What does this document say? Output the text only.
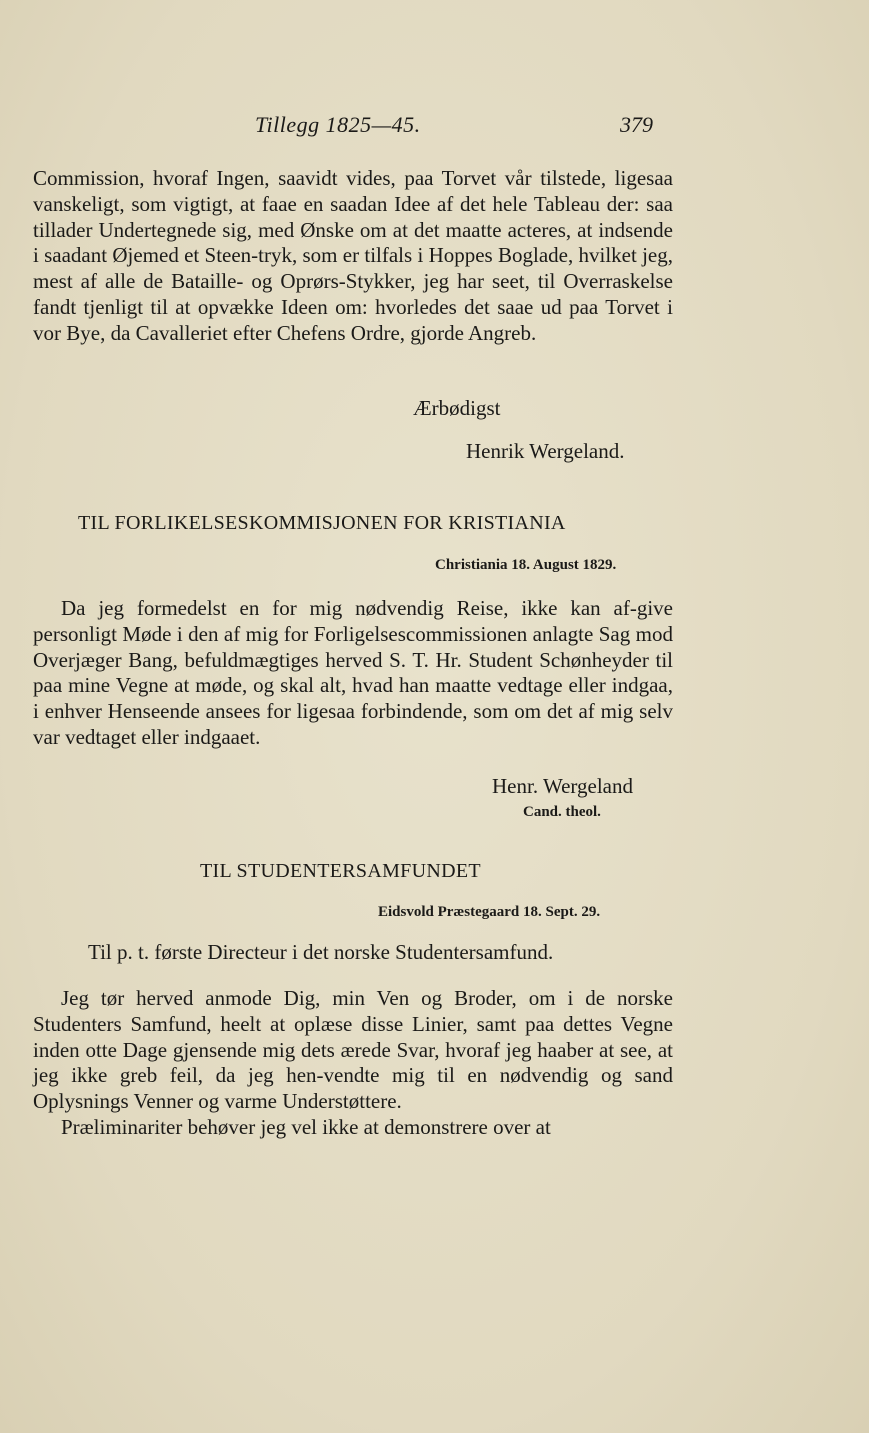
Tillegg 1825—45.	379

Commission, hvoraf Ingen, saavidt vides, paa Torvet vår tilstede, ligesaa vanskeligt, som vigtigt, at faae en saadan Idee af det hele Tableau der: saa tillader Undertegnede sig, med Ønske om at det maatte acteres, at indsende i saadant Øjemed et Steen-tryk, som er tilfals i Hoppes Boglade, hvilket jeg, mest af alle de Bataille- og Oprørs-Stykker, jeg har seet, til Overraskelse fandt tjenligt til at opvække Ideen om: hvorledes det saae ud paa Torvet i vor Bye, da Cavalleriet efter Chefens Ordre, gjorde Angreb.

Ærbødigst
Henrik Wergeland.
TIL FORLIKELSESKOMMISJONEN FOR KRISTIANIA
Christiania 18. August 1829.

Da jeg formedelst en for mig nødvendig Reise, ikke kan af-give personligt Møde i den af mig for Forligelsescommissionen anlagte Sag mod Overjæger Bang, befuldmægtiges herved S. T. Hr. Student Schønheyder til paa mine Vegne at møde, og skal alt, hvad han maatte vedtage eller indgaa, i enhver Henseende ansees for ligesaa forbindende, som om det af mig selv var vedtaget eller indgaaet.

Henr. Wergeland
Cand. theol.
TIL STUDENTERSAMFUNDET
Eidsvold Præstegaard 18. Sept. 29.
Til p. t. første Directeur i det norske Studentersamfund.

Jeg tør herved anmode Dig, min Ven og Broder, om i de norske Studenters Samfund, heelt at oplæse disse Linier, samt paa dettes Vegne inden otte Dage gjensende mig dets ærede Svar, hvoraf jeg haaber at see, at jeg ikke greb feil, da jeg hen-vendte mig til en nødvendig og sand Oplysnings Venner og varme Understøttere.

Præliminariter behøver jeg vel ikke at demonstrere over at
